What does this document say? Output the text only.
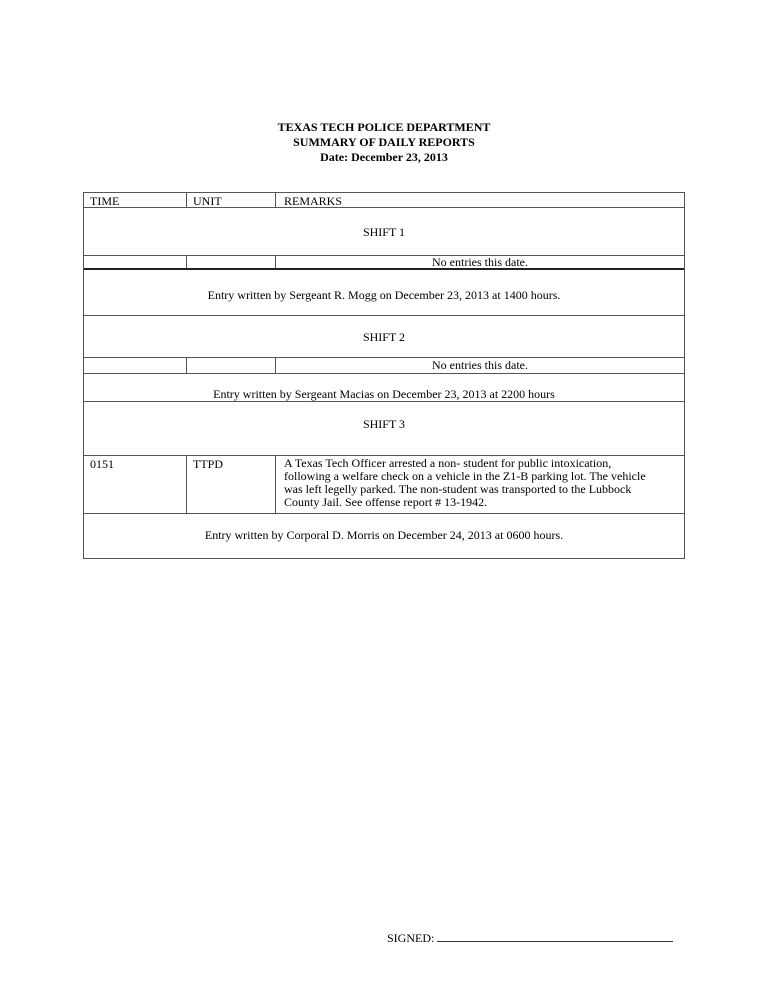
TEXAS TECH POLICE DEPARTMENT
SUMMARY OF DAILY REPORTS
Date: December 23, 2013
TIME	UNIT	REMARKS
SHIFT 1
No entries this date.
Entry written by Sergeant R. Mogg on December 23, 2013 at 1400 hours.
SHIFT 2
No entries this date.
Entry written by Sergeant Macias on December 23, 2013 at 2200 hours
SHIFT 3
0151	TTPD	A Texas Tech Officer arrested a non- student for public intoxication,
following a welfare check on a vehicle in the Z1-B parking lot. The vehicle
was left legelly parked. The non-student was transported to the Lubbock
County Jail. See offense report # 13-1942.
Entry written by Corporal D. Morris on December 24, 2013 at 0600 hours.
SIGNED:
